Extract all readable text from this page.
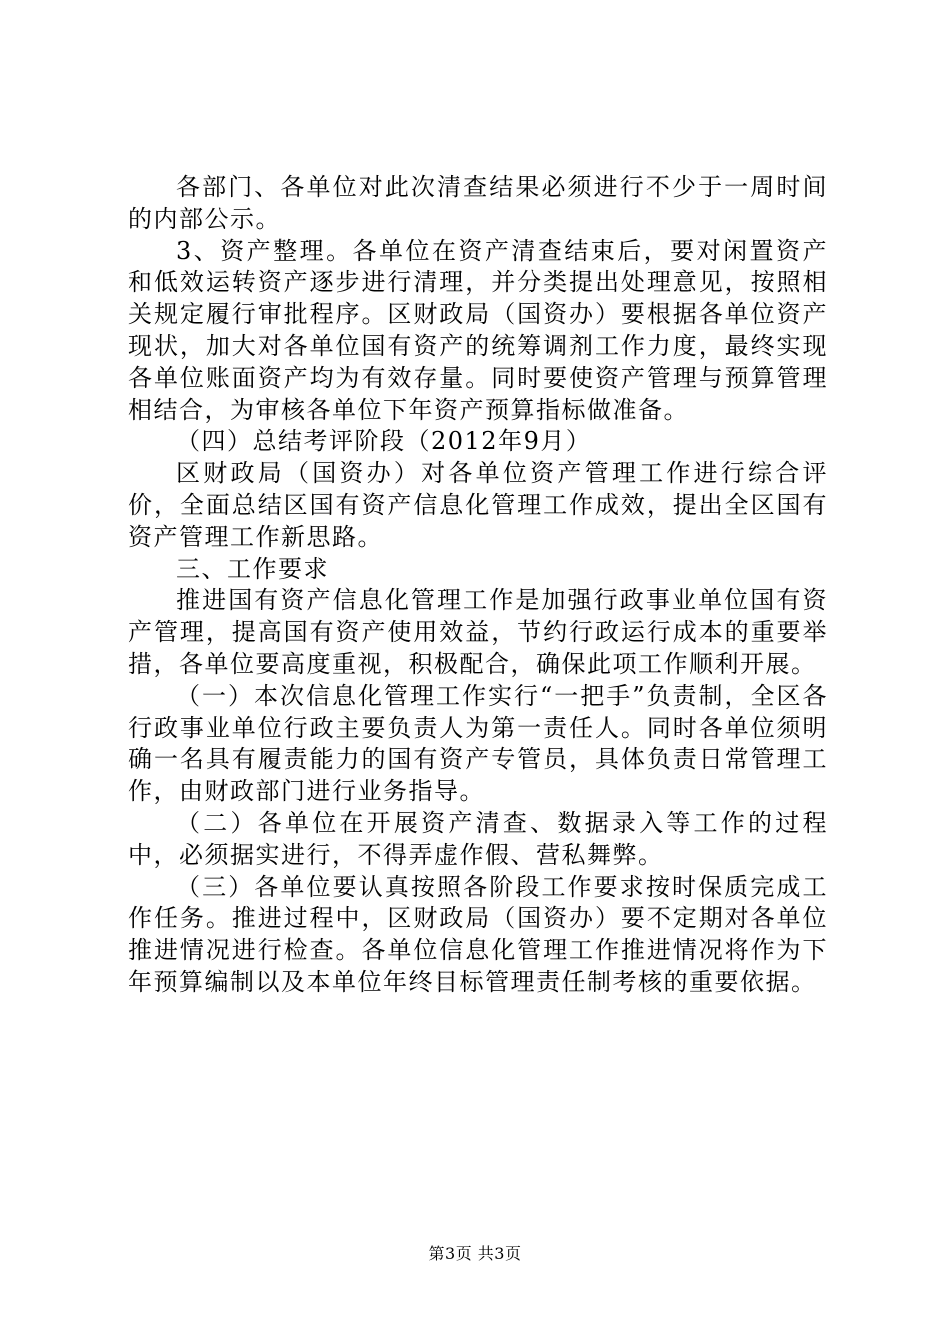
各部门、各单位对此次清查结果必须进行不少于一周时间的内部公示。

3、资产整理。各单位在资产清查结束后，要对闲置资产和低效运转资产逐步进行清理，并分类提出处理意见，按照相关规定履行审批程序。区财政局（国资办）要根据各单位资产现状，加大对各单位国有资产的统筹调剂工作力度，最终实现各单位账面资产均为有效存量。同时要使资产管理与预算管理相结合，为审核各单位下年资产预算指标做准备。

（四）总结考评阶段（2012年9月）

区财政局（国资办）对各单位资产管理工作进行综合评价，全面总结区国有资产信息化管理工作成效，提出全区国有资产管理工作新思路。

三、工作要求

推进国有资产信息化管理工作是加强行政事业单位国有资产管理，提高国有资产使用效益，节约行政运行成本的重要举措，各单位要高度重视，积极配合，确保此项工作顺利开展。

（一）本次信息化管理工作实行“一把手”负责制，全区各行政事业单位行政主要负责人为第一责任人。同时各单位须明确一名具有履责能力的国有资产专管员，具体负责日常管理工作，由财政部门进行业务指导。

（二）各单位在开展资产清查、数据录入等工作的过程中，必须据实进行，不得弄虚作假、营私舞弊。

（三）各单位要认真按照各阶段工作要求按时保质完成工作任务。推进过程中，区财政局（国资办）要不定期对各单位推进情况进行检查。各单位信息化管理工作推进情况将作为下年预算编制以及本单位年终目标管理责任制考核的重要依据。

第3页 共3页
